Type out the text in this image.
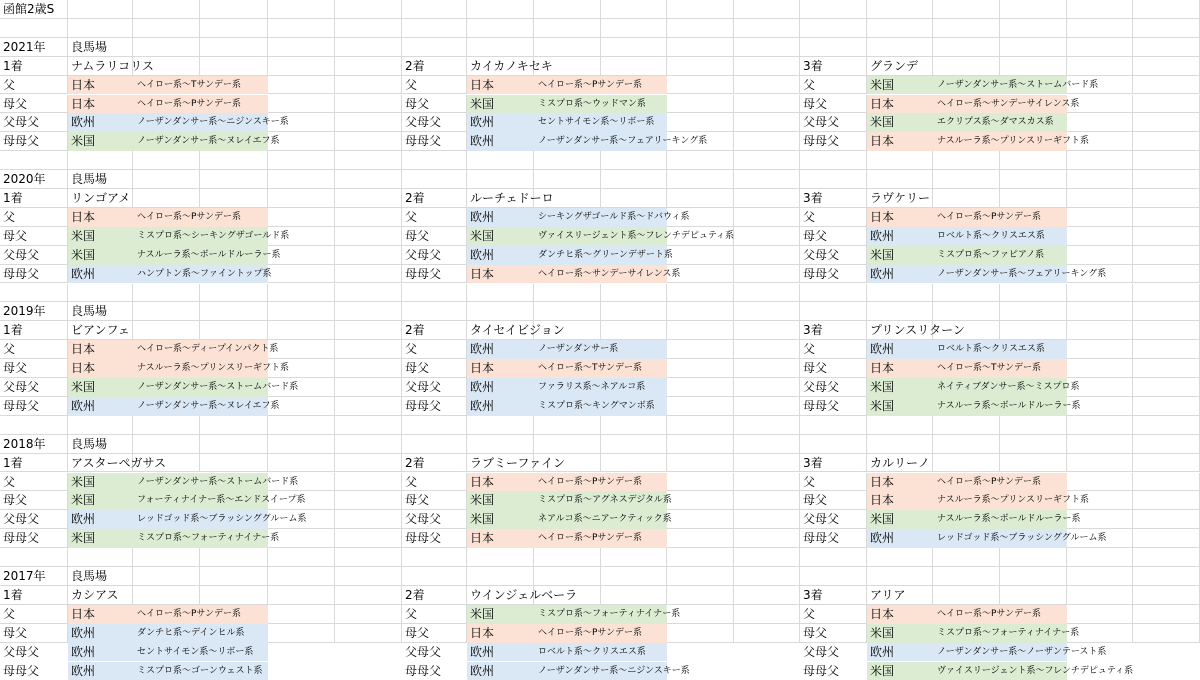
函館2歳S
2021年	良馬場
1着	ナムラリコリス
父	日本	ヘイロー系～Tサンデー系
母父	日本	ヘイロー系～Pサンデー系
父母父	欧州	ノーザンダンサー系～ニジンスキー系
母母父	米国	ノーザンダンサー系～ヌレイエフ系
2着	カイカノキセキ
父	日本	ヘイロー系～Pサンデー系
母父	米国	ミスプロ系～ウッドマン系
父母父	欧州	セントサイモン系～リボー系
母母父	欧州	ノーザンダンサー系～フェアリーキング系
3着	グランデ
父	米国	ノーザンダンサー系～ストームバード系
母父	日本	ヘイロー系～サンデーサイレンス系
父母父	米国	エクリプス系～ダマスカス系
母母父	日本	ナスルーラ系～プリンスリーギフト系
2020年	良馬場
1着	リンゴアメ
父	日本	ヘイロー系～Pサンデー系
母父	米国	ミスプロ系～シーキングザゴールド系
父母父	米国	ナスルーラ系～ボールドルーラー系
母母父	欧州	ハンプトン系～ファイントップ系
2着	ルーチェドーロ
父	欧州	シーキングザゴールド系～ドバウィ系
母父	米国	ヴァイスリージェント系～フレンチデピュティ系
父母父	欧州	ダンチヒ系～グリーンデザート系
母母父	日本	ヘイロー系～サンデーサイレンス系
3着	ラヴケリー
父	日本	ヘイロー系～Pサンデー系
母父	欧州	ロベルト系～クリスエス系
父母父	米国	ミスプロ系～ファピアノ系
母母父	欧州	ノーザンダンサー系～フェアリーキング系
2019年	良馬場
1着	ビアンフェ
父	日本	ヘイロー系～ディープインパクト系
母父	日本	ナスルーラ系～プリンスリーギフト系
父母父	米国	ノーザンダンサー系～ストームバード系
母母父	欧州	ノーザンダンサー系～ヌレイエフ系
2着	タイセイビジョン
父	欧州	ノーザンダンサー系
母父	日本	ヘイロー系～Tサンデー系
父母父	欧州	ファラリス系～ネアルコ系
母母父	欧州	ミスプロ系～キングマンボ系
3着	プリンスリターン
父	欧州	ロベルト系～クリスエス系
母父	日本	ヘイロー系～Tサンデー系
父母父	米国	ネイティブダンサー系～ミスプロ系
母母父	米国	ナスルーラ系～ボールドルーラー系
2018年	良馬場
1着	アスターペガサス
父	米国	ノーザンダンサー系～ストームバード系
母父	米国	フォーティナイナー系～エンドスイープ系
父母父	欧州	レッドゴッド系～ブラッシンググルーム系
母母父	米国	ミスプロ系～フォーティナイナー系
2着	ラブミーファイン
父	日本	ヘイロー系～Pサンデー系
母父	米国	ミスプロ系～アグネスデジタル系
父母父	米国	ネアルコ系～ニアークティック系
母母父	日本	ヘイロー系～Pサンデー系
3着	カルリーノ
父	日本	ヘイロー系～Pサンデー系
母父	日本	ナスルーラ系～プリンスリーギフト系
父母父	米国	ナスルーラ系～ボールドルーラー系
母母父	欧州	レッドゴッド系～ブラッシンググルーム系
2017年	良馬場
1着	カシアス
父	日本	ヘイロー系～Pサンデー系
母父	欧州	ダンチヒ系～デインヒル系
父母父	欧州	セントサイモン系～リボー系
母母父	欧州	ミスプロ系～ゴーンウェスト系
2着	ウインジェルベーラ
父	米国	ミスプロ系～フォーティナイナー系
母父	日本	ヘイロー系～Pサンデー系
父母父	欧州	ロベルト系～クリスエス系
母母父	欧州	ノーザンダンサー系～ニジンスキー系
3着	アリア
父	日本	ヘイロー系～Pサンデー系
母父	米国	ミスプロ系～フォーティナイナー系
父母父	欧州	ノーザンダンサー系～ノーザンテースト系
母母父	米国	ヴァイスリージェント系～フレンチデピュティ系
